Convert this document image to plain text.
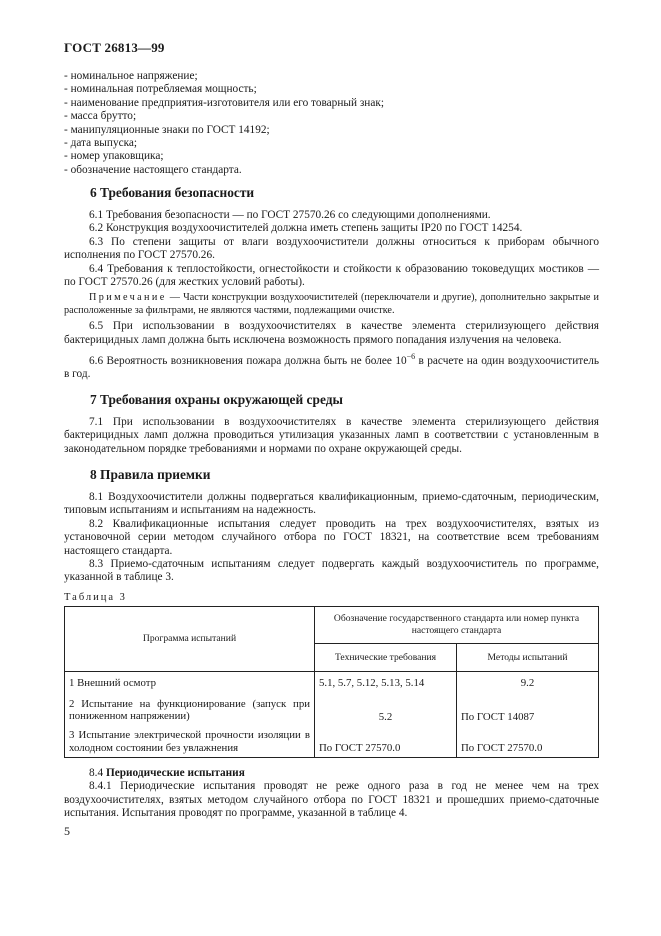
ГОСТ 26813—99
- номинальное напряжение;
- номинальная потребляемая мощность;
- наименование предприятия-изготовителя или его товарный знак;
- масса брутто;
- манипуляционные знаки по ГОСТ 14192;
- дата выпуска;
- номер упаковщика;
- обозначение настоящего стандарта.
6 Требования безопасности

6.1 Требования безопасности — по ГОСТ 27570.26 со следующими дополнениями.

6.2 Конструкция воздухоочистителей должна иметь степень защиты IP20 по ГОСТ 14254.

6.3 По степени защиты от влаги воздухоочистители должны относиться к приборам обычного исполнения по ГОСТ 27570.26.

6.4 Требования к теплостойкости, огнестойкости и стойкости к образованию токоведущих мостиков — по ГОСТ 27570.26 (для жестких условий работы).

Примечание — Части конструкции воздухоочистителей (переключатели и другие), дополнительно закрытые и расположенные за фильтрами, не являются частями, подлежащими очистке.

6.5 При использовании в воздухоочистителях в качестве элемента стерилизующего действия бактерицидных ламп должна быть исключена возможность прямого попадания излучения на человека.

6.6 Вероятность возникновения пожара должна быть не более $10^{-6}$ в расчете на один воздухоочиститель в год.

7 Требования охраны окружающей среды

7.1 При использовании в воздухоочистителях в качестве элемента стерилизующего действия бактерицидных ламп должна проводиться утилизация указанных ламп в соответствии с установленным в законодательном порядке требованиями и нормами по охране окружающей среды.

8 Правила приемки

8.1 Воздухоочистители должны подвергаться квалификационным, приемо-сдаточным, периодическим, типовым испытаниям и испытаниям на надежность.

8.2 Квалификационные испытания следует проводить на трех воздухоочистителях, взятых из установочной серии методом случайного отбора по ГОСТ 18321, на соответствие всем требованиям настоящего стандарта.

8.3 Приемо-сдаточным испытаниям следует подвергать каждый воздухоочиститель по программе, указанной в таблице 3.

Таблица 3
Программа испытаний	Обозначение государственного стандарта или номер пункта настоящего стандарта	
	Технические требования	Методы испытаний
1 Внешний осмотр	5.1, 5.7, 5.12, 5.13, 5.14	9.2
2 Испытание на функционирование (запуск при пониженном напряжении)	5.2	По ГОСТ 14087
3 Испытание электрической прочности изоляции в холодном состоянии без увлажнения	По ГОСТ 27570.0	По ГОСТ 27570.0

8.4 Периодические испытания

8.4.1 Периодические испытания проводят не реже одного раза в год не менее чем на трех воздухоочистителях, взятых методом случайного отбора по ГОСТ 18321 и прошедших приемо-сдаточные испытания. Испытания проводят по программе, указанной в таблице 4.

5
